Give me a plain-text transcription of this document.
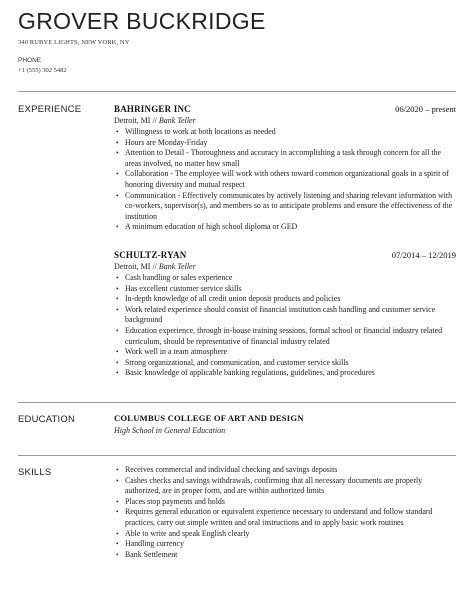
GROVER BUCKRIDGE
340 RUBYE LIGHTS, NEW YORK, NY
PHONE
+1 (555) 302 5482
EXPERIENCE	BAHRINGER INC	06/2020 – present
Detroit, MI // Bank Teller
• Willingness to work at both locations as needed
• Hours are Monday-Friday
• Attention to Detail - Thoroughness and accuracy in accomplishing a task through concern for all the areas involved, no matter how small
• Collaboration - The employee will work with others toward common organizational goals in a spirit of honoring diversity and mutual respect
• Communication - Effectively communicates by actively listening and sharing relevant information with co-workers, supervisor(s), and members so as to anticipate problems and ensure the effectiveness of the institution
• A minimum education of high school diploma or GED
SCHULTZ-RYAN	07/2014 – 12/2019
Detroit, MI // Bank Teller
• Cash handling or sales experience
• Has excellent customer service skills
• In-depth knowledge of all credit union deposit products and policies
• Work related experience should consist of financial institution cash handling and customer service background
• Education experience, through in-house training sessions, formal school or financial industry related curriculum, should be representative of financial industry related
• Work well in a team atmosphere
• Strong organizational, and communication, and customer service skills
• Basic knowledge of applicable banking regulations, guidelines, and procedures
EDUCATION	COLUMBUS COLLEGE OF ART AND DESIGN
High School in General Education
SKILLS
•	Receives commercial and individual checking and savings deposits
• Cashes checks and savings withdrawals, confirming that all necessary documents are properly authorized, are in proper form, and are within authorized limits
• Places stop payments and holds
• Requires general education or equivalent experience necessary to understand and follow standard practices, carry out simple written and oral instructions and to apply basic work routines
• Able to write and speak English clearly
• Handling currency
• Bank Settlement
